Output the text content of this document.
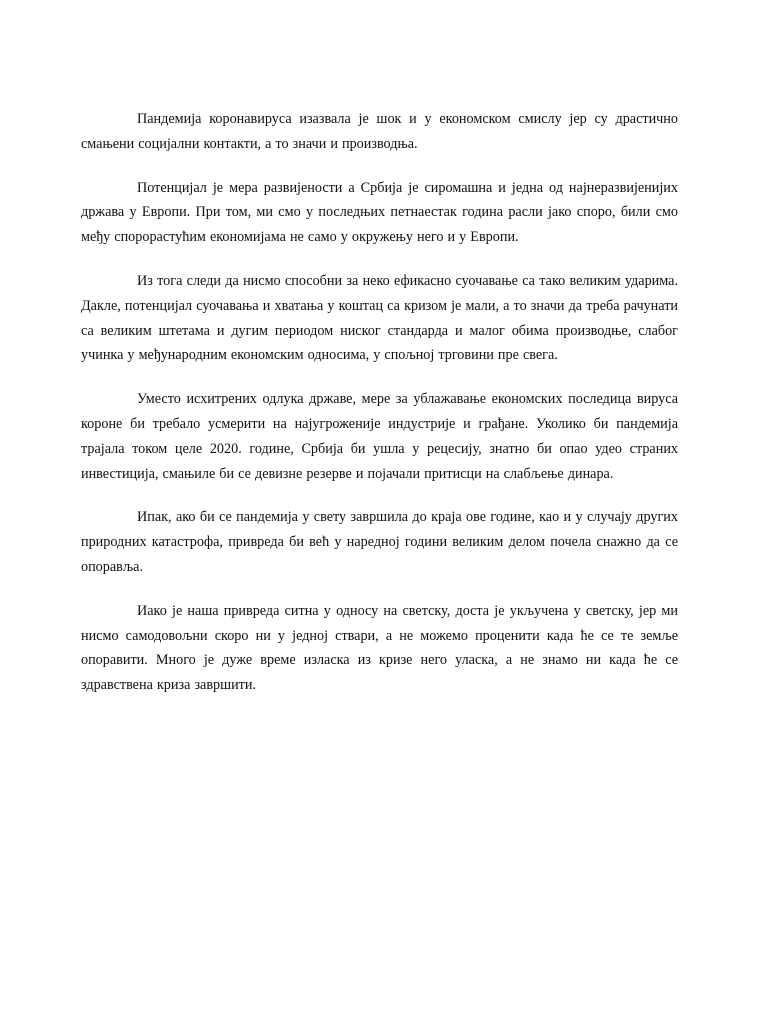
Пандемија коронавируса изазвала је шок и у економском смислу јер су драстично смањени социјални контакти, а то значи и производња.

Потенцијал је мера развијености а Србија је сиромашна и једна од најнеразвијенијих држава у Европи. При том, ми смо у последњих петнаестак година расли јако споро, били смо међу спорорастућим економијама не само у окружењу него и у Европи.

Из тога следи да нисмо способни за неко ефикасно суочавање са тако великим ударима. Дакле, потенцијал суочавања и хватања у коштац са кризом је мали, а то значи да треба рачунати са великим штетама и дугим периодом ниског стандарда и малог обима производње, слабог учинка у међународним економским односима, у спољној трговини пре свега.

Уместо исхитрених одлука државе, мере за ублажавање економских последица вируса короне би требало усмерити на најугроженије индустрије и грађане. Уколико би пандемија трајала током целе 2020. године, Србија би ушла у рецесију, знатно би опао удео страних инвестиција, смањиле би се девизне резерве и појачали притисци на слабљење динара.

Ипак, ако би се пандемија у свету завршила до краја ове године, као и у случају других природних катастрофа, привреда би већ у наредној години великим делом почела снажно да се опоравља.

Иако је наша привреда ситна у односу на светску, доста је укључена у светску, јер ми нисмо самодовољни скоро ни у једној ствари, а не можемо проценити када ће се те земље опоравити. Много је дуже време изласка из кризе него уласка, а не знамо ни када ће се здравствена криза завршити.
